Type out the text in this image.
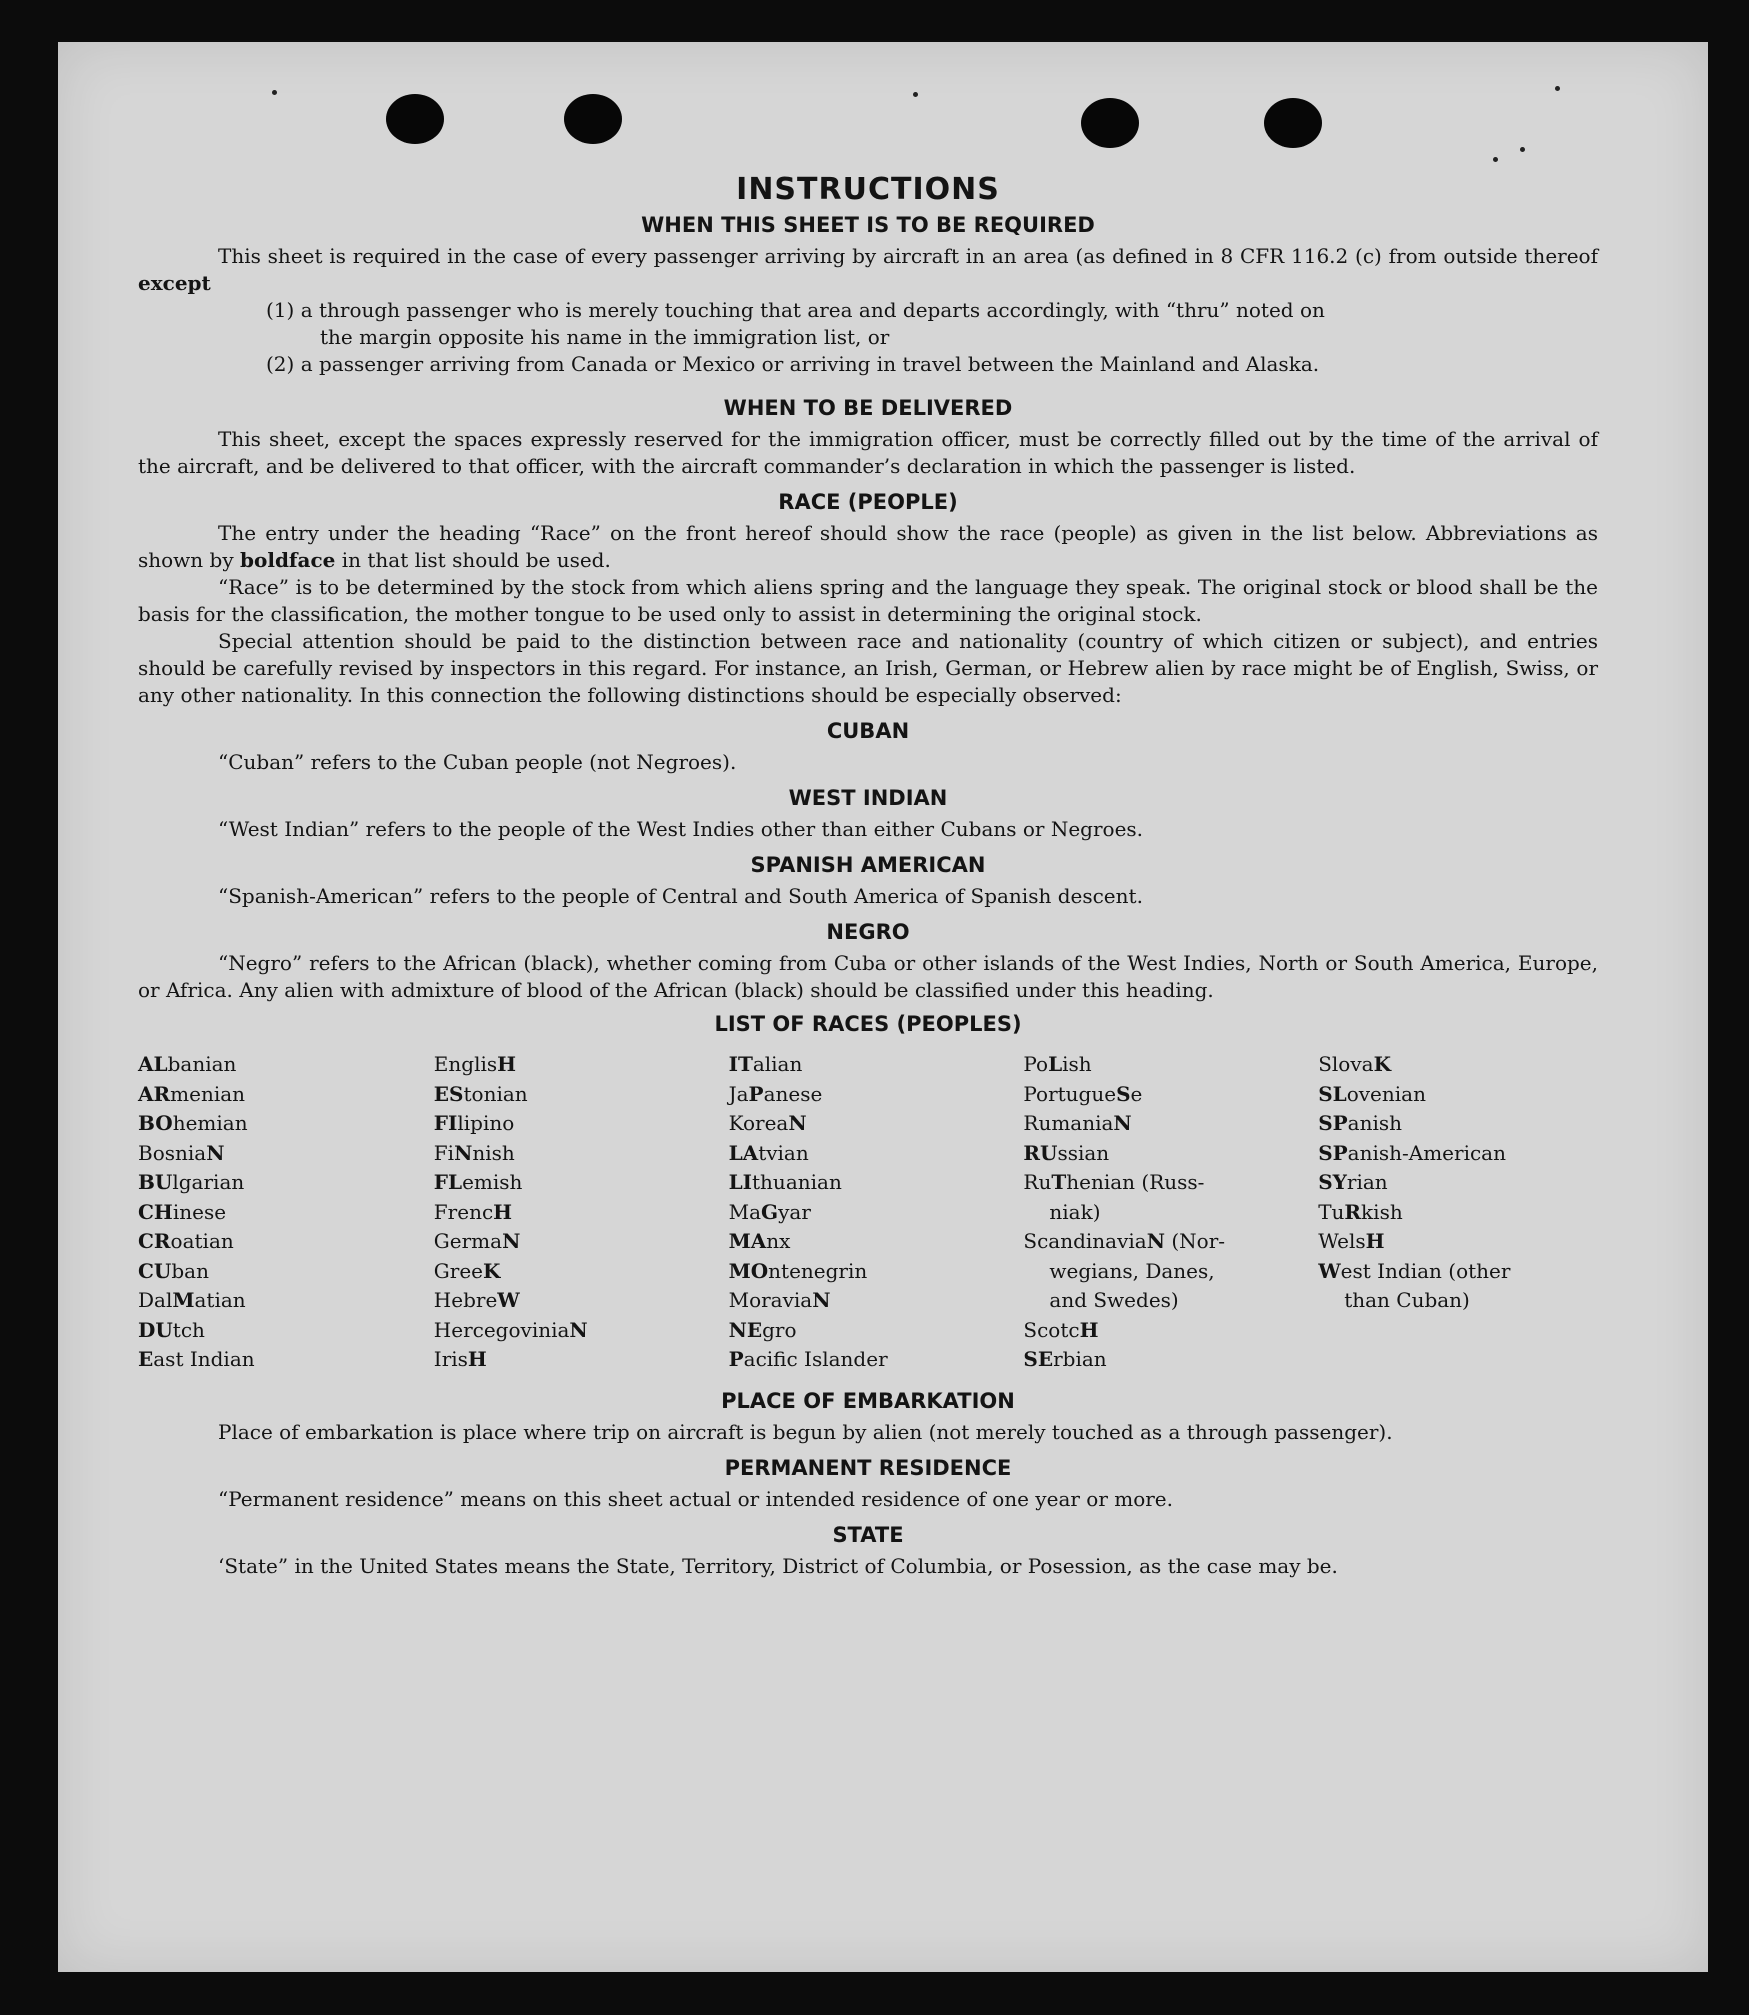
INSTRUCTIONS
WHEN THIS SHEET IS TO BE REQUIRED

This sheet is required in the case of every passenger arriving by aircraft in an area (as defined in 8 CFR 116.2 (c) from outside thereof except

(1) a through passenger who is merely touching that area and departs accordingly, with “thru” noted on

the margin opposite his name in the immigration list, or

(2) a passenger arriving from Canada or Mexico or arriving in travel between the Mainland and Alaska.

WHEN TO BE DELIVERED

This sheet, except the spaces expressly reserved for the immigration officer, must be correctly filled out by the time of the arrival of the aircraft, and be delivered to that officer, with the aircraft commander’s declaration in which the passenger is listed.

RACE (PEOPLE)

The entry under the heading “Race” on the front hereof should show the race (people) as given in the list below. Abbreviations as shown by boldface in that list should be used.

“Race” is to be determined by the stock from which aliens spring and the language they speak. The original stock or blood shall be the basis for the classification, the mother tongue to be used only to assist in determining the original stock.

Special attention should be paid to the distinction between race and nationality (country of which citizen or subject), and entries should be carefully revised by inspectors in this regard. For instance, an Irish, German, or Hebrew alien by race might be of English, Swiss, or any other nationality. In this connection the following distinctions should be especially observed:

CUBAN

“Cuban” refers to the Cuban people (not Negroes).

WEST INDIAN

“West Indian” refers to the people of the West Indies other than either Cubans or Negroes.

SPANISH AMERICAN

“Spanish-American” refers to the people of Central and South America of Spanish descent.

NEGRO

“Negro” refers to the African (black), whether coming from Cuba or other islands of the West Indies, North or South America, Europe, or Africa. Any alien with admixture of blood of the African (black) should be classified under this heading.

LIST OF RACES (PEOPLES)
ALbanian
ARmenian
BOhemian
BosniaN
BUlgarian
CHinese
CRoatian
CUban
DalMatian
DUtch
East Indian
EnglisH
EStonian
FIlipino
FiNnish
FLemish
FrencH
GermaN
GreeK
HebreW
HercegoviniaN
IrisH
ITalian
JaPanese
KoreaN
LAtvian
LIthuanian
MaGyar
MAnx
MOntenegrin
MoraviaN
NEgro
Pacific Islander
PoLish
PortugueSe
RumaniaN
RUssian
RuThenian (Russ-
niak)
ScandinaviaN (Nor-
wegians, Danes,
and Swedes)
ScotcH
SErbian
SlovaK
SLovenian
SPanish
SPanish-American
SYrian
TuRkish
WelsH
West Indian (other
than Cuban)
PLACE OF EMBARKATION

Place of embarkation is place where trip on aircraft is begun by alien (not merely touched as a through passenger).

PERMANENT RESIDENCE

“Permanent residence” means on this sheet actual or intended residence of one year or more.

STATE

‘State” in the United States means the State, Territory, District of Columbia, or Posession, as the case may be.
